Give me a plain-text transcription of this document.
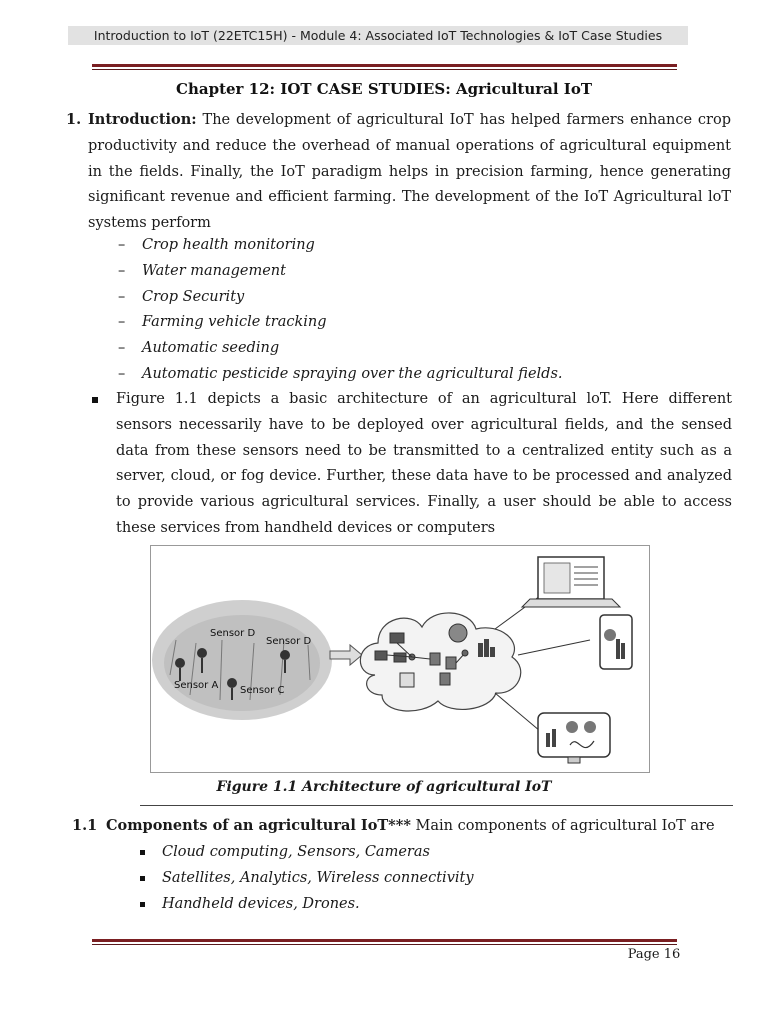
Introduction to IoT (22ETC15H) - Module 4: Associated IoT Technologies & IoT Case Studies
Chapter 12: IOT CASE STUDIES: Agricultural IoT
1. Introduction: The development of agricultural IoT has helped farmers enhance crop productivity and reduce the overhead of manual operations of agricultural equipment in the fields. Finally, the IoT paradigm helps in precision farming, hence generating significant revenue and efficient farming. The development of the IoT Agricultural loT systems perform
– Crop health monitoring
– Water management
– Crop Security
– Farming vehicle tracking
– Automatic seeding
– Automatic pesticide spraying over the agricultural fields.
Figure 1.1 depicts a basic architecture of an agricultural loT. Here different sensors necessarily have to be deployed over agricultural fields, and the sensed data from these sensors need to be transmitted to a centralized entity such as a server, cloud, or fog device. Further, these data have to be processed and analyzed to provide various agricultural services. Finally, a user should be able to access these services from handheld devices or computers
Sensor D
Sensor D
Sensor A Sensor C
Figure 1.1 Architecture of agricultural IoT
1.1 Components of an agricultural IoT*** Main components of agricultural IoT are
Cloud computing, Sensors, Cameras
Satellites, Analytics, Wireless connectivity
Handheld devices, Drones.
Page 16
